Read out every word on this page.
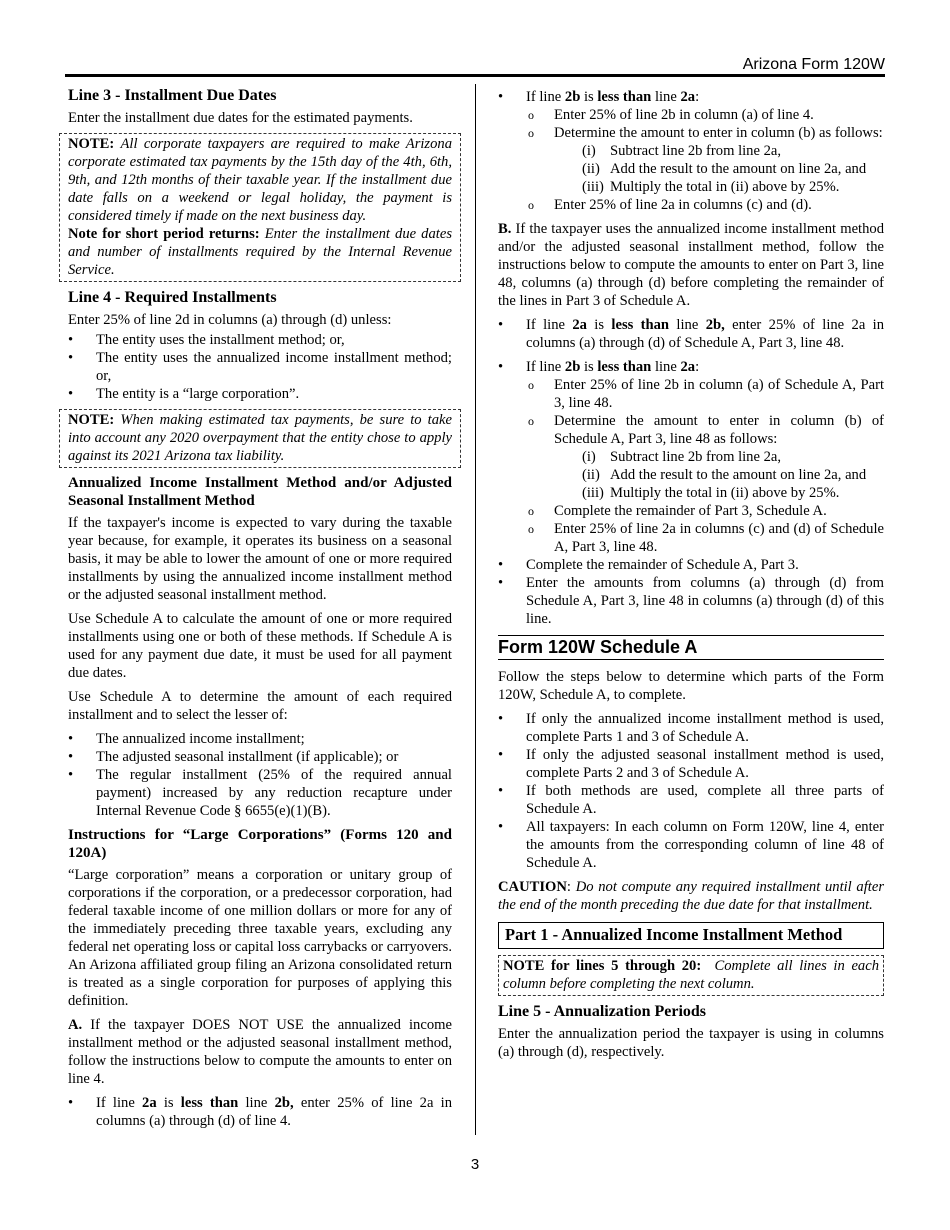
Arizona Form 120W
Line 3 - Installment Due Dates

Enter the installment due dates for the estimated payments.

NOTE: All corporate taxpayers are required to make Arizona corporate estimated tax payments by the 15th day of the 4th, 6th, 9th, and 12th months of their taxable year. If the installment due date falls on a weekend or legal holiday, the payment is considered timely if made on the next business day.

Note for short period returns: Enter the installment due dates and number of installments required by the Internal Revenue Service.

Line 4 - Required Installments

Enter 25% of line 2d in columns (a) through (d) unless:

• The entity uses the installment method; or,
• The entity uses the annualized income installment method; or,
• The entity is a “large corporation”.

NOTE: When making estimated tax payments, be sure to take into account any 2020 overpayment that the entity chose to apply against its 2021 Arizona tax liability.

Annualized Income Installment Method and/or Adjusted Seasonal Installment Method

If the taxpayer's income is expected to vary during the taxable year because, for example, it operates its business on a seasonal basis, it may be able to lower the amount of one or more required installments by using the annualized income installment method or the adjusted seasonal installment method.

Use Schedule A to calculate the amount of one or more required installments using one or both of these methods. If Schedule A is used for any payment due date, it must be used for all payment due dates.

Use Schedule A to determine the amount of each required installment and to select the lesser of:

• The annualized income installment;
• The adjusted seasonal installment (if applicable); or
• The regular installment (25% of the required annual payment) increased by any reduction recapture under Internal Revenue Code § 6655(e)(1)(B).
Instructions for “Large Corporations” (Forms 120 and 120A)

“Large corporation” means a corporation or unitary group of corporations if the corporation, or a predecessor corporation, had federal taxable income of one million dollars or more for any of the immediately preceding three taxable years, excluding any federal net operating loss or capital loss carrybacks or carryovers. An Arizona affiliated group filing an Arizona consolidated return is treated as a single corporation for purposes of applying this definition.

A. If the taxpayer DOES NOT USE the annualized income installment method or the adjusted seasonal installment method, follow the instructions below to compute the amounts to enter on line 4.

• If line 2a is less than line 2b, enter 25% of line 2a in columns (a) through (d) of line 4.
• If line 2b is less than line 2a:
o Enter 25% of line 2b in column (a) of line 4.
o Determine the amount to enter in column (b) as follows:
(i) Subtract line 2b from line 2a,
(ii) Add the result to the amount on line 2a, and
(iii) Multiply the total in (ii) above by 25%.
o Enter 25% of line 2a in columns (c) and (d).

B. If the taxpayer uses the annualized income installment method and/or the adjusted seasonal installment method, follow the instructions below to compute the amounts to enter on Part 3, line 48, columns (a) through (d) before completing the remainder of the lines in Part 3 of Schedule A.

• If line 2a is less than line 2b, enter 25% of line 2a in columns (a) through (d) of Schedule A, Part 3, line 48.
• If line 2b is less than line 2a:
o Enter 25% of line 2b in column (a) of Schedule A, Part 3, line 48.
o Determine the amount to enter in column (b) of Schedule A, Part 3, line 48 as follows:
(i) Subtract line 2b from line 2a,
(ii) Add the result to the amount on line 2a, and
(iii) Multiply the total in (ii) above by 25%.
o Complete the remainder of Part 3, Schedule A.
o Enter 25% of line 2a in columns (c) and (d) of Schedule A, Part 3, line 48.
• Complete the remainder of Schedule A, Part 3.
• Enter the amounts from columns (a) through (d) from Schedule A, Part 3, line 48 in columns (a) through (d) of this line.
Form 120W Schedule A

Follow the steps below to determine which parts of the Form 120W, Schedule A, to complete.

• If only the annualized income installment method is used, complete Parts 1 and 3 of Schedule A.
• If only the adjusted seasonal installment method is used, complete Parts 2 and 3 of Schedule A.
• If both methods are used, complete all three parts of Schedule A.
• All taxpayers: In each column on Form 120W, line 4, enter the amounts from the corresponding column of line 48 of Schedule A.

CAUTION: Do not compute any required installment until after the end of the month preceding the due date for that installment.

Part 1 - Annualized Income Installment Method

NOTE for lines 5 through 20: Complete all lines in each column before completing the next column.

Line 5 - Annualization Periods

Enter the annualization period the taxpayer is using in columns (a) through (d), respectively.

3
